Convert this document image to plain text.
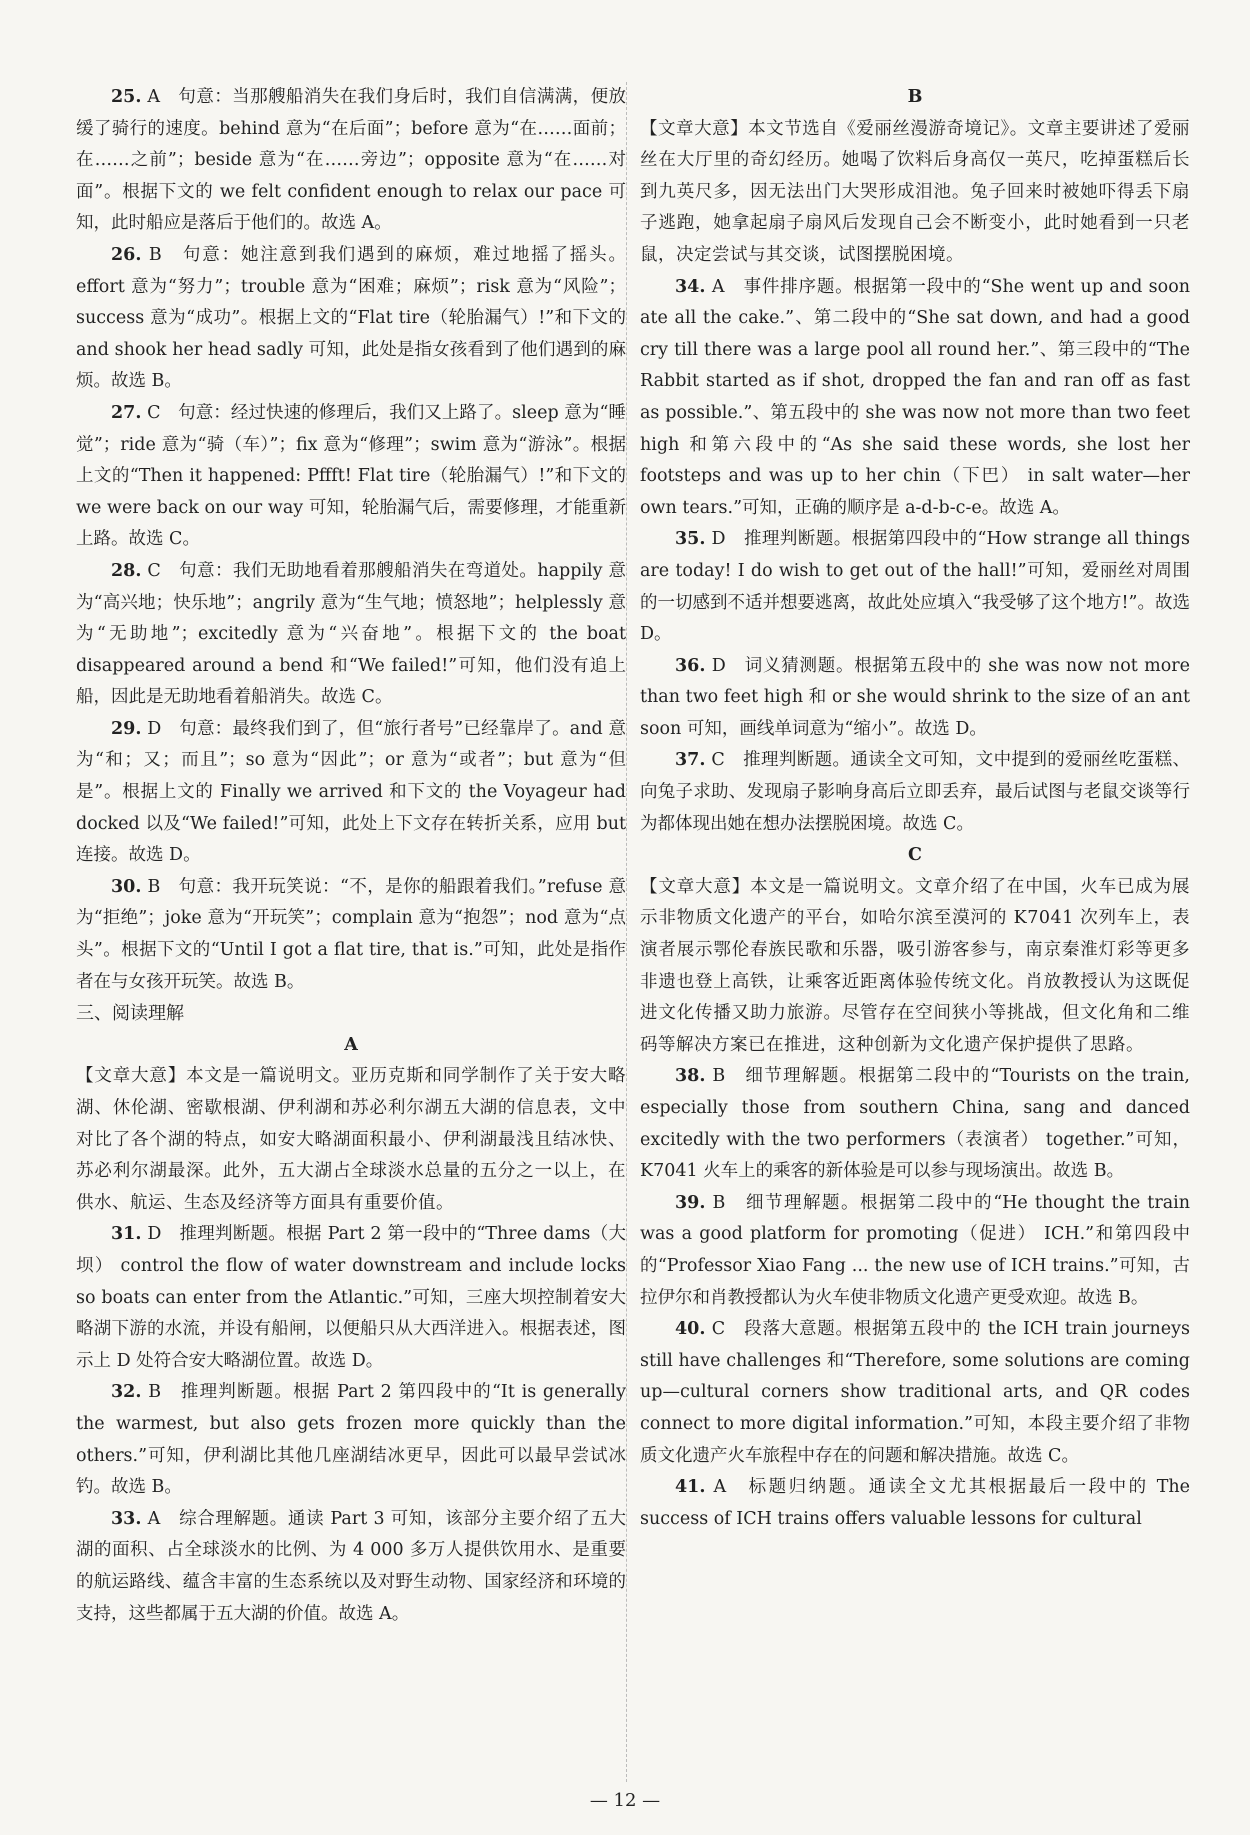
25. A　句意：当那艘船消失在我们身后时，我们自信满满，便放缓了骑行的速度。behind 意为“在后面”；before 意为“在……面前；在……之前”；beside 意为“在……旁边”；opposite 意为“在……对面”。根据下文的 we felt confident enough to relax our pace 可知，此时船应是落后于他们的。故选 A。

26. B　句意：她注意到我们遇到的麻烦，难过地摇了摇头。effort 意为“努力”；trouble 意为“困难；麻烦”；risk 意为“风险”；success 意为“成功”。根据上文的“Flat tire（轮胎漏气）!”和下文的 and shook her head sadly 可知，此处是指女孩看到了他们遇到的麻烦。故选 B。

27. C　句意：经过快速的修理后，我们又上路了。sleep 意为“睡觉”；ride 意为“骑（车）”；fix 意为“修理”；swim 意为“游泳”。根据上文的“Then it happened: Pffft! Flat tire（轮胎漏气）!”和下文的 we were back on our way 可知，轮胎漏气后，需要修理，才能重新上路。故选 C。

28. C　句意：我们无助地看着那艘船消失在弯道处。happily 意为“高兴地；快乐地”；angrily 意为“生气地；愤怒地”；helplessly 意为“无助地”；excitedly 意为“兴奋地”。根据下文的 the boat disappeared around a bend 和“We failed!”可知，他们没有追上船，因此是无助地看着船消失。故选 C。

29. D　句意：最终我们到了，但“旅行者号”已经靠岸了。and 意为“和；又；而且”；so 意为“因此”；or 意为“或者”；but 意为“但是”。根据上文的 Finally we arrived 和下文的 the Voyageur had docked 以及“We failed!”可知，此处上下文存在转折关系，应用 but 连接。故选 D。

30. B　句意：我开玩笑说：“不，是你的船跟着我们。”refuse 意为“拒绝”；joke 意为“开玩笑”；complain 意为“抱怨”；nod 意为“点头”。根据下文的“Until I got a flat tire, that is.”可知，此处是指作者在与女孩开玩笑。故选 B。

三、阅读理解

A

【文章大意】本文是一篇说明文。亚历克斯和同学制作了关于安大略湖、休伦湖、密歇根湖、伊利湖和苏必利尔湖五大湖的信息表，文中对比了各个湖的特点，如安大略湖面积最小、伊利湖最浅且结冰快、苏必利尔湖最深。此外，五大湖占全球淡水总量的五分之一以上，在供水、航运、生态及经济等方面具有重要价值。

31. D　推理判断题。根据 Part 2 第一段中的“Three dams（大坝） control the flow of water downstream and include locks so boats can enter from the Atlantic.”可知，三座大坝控制着安大略湖下游的水流，并设有船闸，以便船只从大西洋进入。根据表述，图示上 D 处符合安大略湖位置。故选 D。

32. B　推理判断题。根据 Part 2 第四段中的“It is generally the warmest, but also gets frozen more quickly than the others.”可知，伊利湖比其他几座湖结冰更早，因此可以最早尝试冰钓。故选 B。

33. A　综合理解题。通读 Part 3 可知，该部分主要介绍了五大湖的面积、占全球淡水的比例、为 4 000 多万人提供饮用水、是重要的航运路线、蕴含丰富的生态系统以及对野生动物、国家经济和环境的支持，这些都属于五大湖的价值。故选 A。

B

【文章大意】本文节选自《爱丽丝漫游奇境记》。文章主要讲述了爱丽丝在大厅里的奇幻经历。她喝了饮料后身高仅一英尺，吃掉蛋糕后长到九英尺多，因无法出门大哭形成泪池。兔子回来时被她吓得丢下扇子逃跑，她拿起扇子扇风后发现自己会不断变小，此时她看到一只老鼠，决定尝试与其交谈，试图摆脱困境。

34. A　事件排序题。根据第一段中的“She went up and soon ate all the cake.”、第二段中的“She sat down, and had a good cry till there was a large pool all round her.”、第三段中的“The Rabbit started as if shot, dropped the fan and ran off as fast as possible.”、第五段中的 she was now not more than two feet high 和第六段中的“As she said these words, she lost her footsteps and was up to her chin（下巴） in salt water—her own tears.”可知，正确的顺序是 a-d-b-c-e。故选 A。

35. D　推理判断题。根据第四段中的“How strange all things are today! I do wish to get out of the hall!”可知，爱丽丝对周围的一切感到不适并想要逃离，故此处应填入“我受够了这个地方!”。故选 D。

36. D　词义猜测题。根据第五段中的 she was now not more than two feet high 和 or she would shrink to the size of an ant soon 可知，画线单词意为“缩小”。故选 D。

37. C　推理判断题。通读全文可知，文中提到的爱丽丝吃蛋糕、向兔子求助、发现扇子影响身高后立即丢弃，最后试图与老鼠交谈等行为都体现出她在想办法摆脱困境。故选 C。

C

【文章大意】本文是一篇说明文。文章介绍了在中国，火车已成为展示非物质文化遗产的平台，如哈尔滨至漠河的 K7041 次列车上，表演者展示鄂伦春族民歌和乐器，吸引游客参与，南京秦淮灯彩等更多非遗也登上高铁，让乘客近距离体验传统文化。肖放教授认为这既促进文化传播又助力旅游。尽管存在空间狭小等挑战，但文化角和二维码等解决方案已在推进，这种创新为文化遗产保护提供了思路。

38. B　细节理解题。根据第二段中的“Tourists on the train, especially those from southern China, sang and danced excitedly with the two performers（表演者） together.”可知，K7041 火车上的乘客的新体验是可以参与现场演出。故选 B。

39. B　细节理解题。根据第二段中的“He thought the train was a good platform for promoting（促进） ICH.”和第四段中的“Professor Xiao Fang ... the new use of ICH trains.”可知，古拉伊尔和肖教授都认为火车使非物质文化遗产更受欢迎。故选 B。

40. C　段落大意题。根据第五段中的 the ICH train journeys still have challenges 和“Therefore, some solutions are coming up—cultural corners show traditional arts, and QR codes connect to more digital information.”可知，本段主要介绍了非物质文化遗产火车旅程中存在的问题和解决措施。故选 C。

41. A　标题归纳题。通读全文尤其根据最后一段中的 The success of ICH trains offers valuable lessons for cultural

— 12 —
